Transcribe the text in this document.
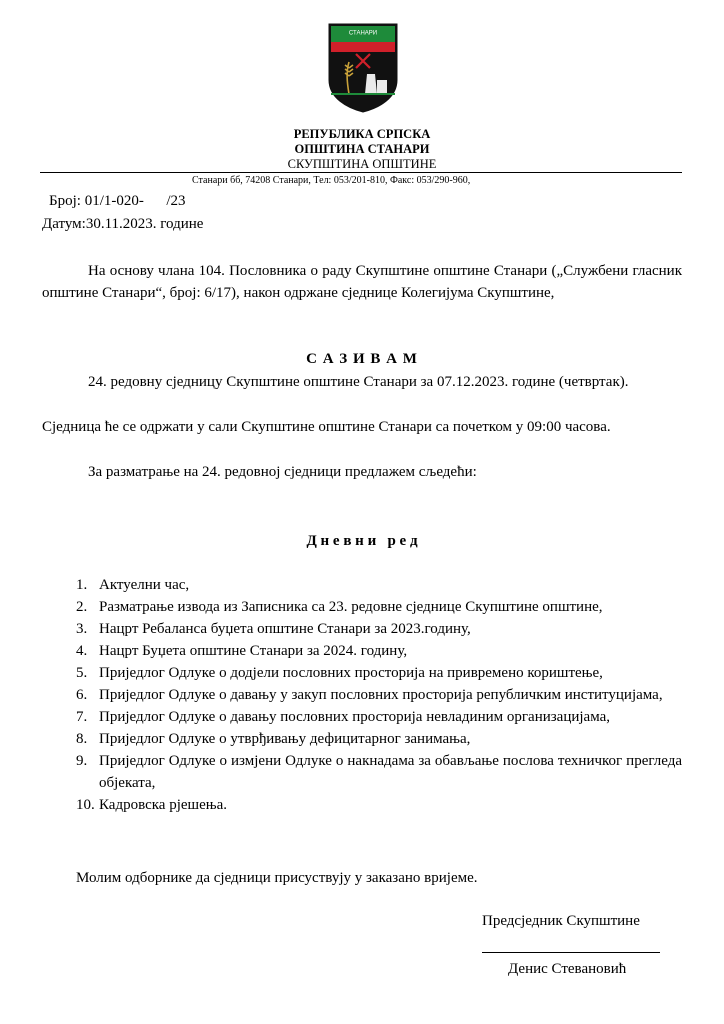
СТАНАРИ
РЕПУБЛИКА СРПСКА
ОПШТИНА СТАНАРИ
СКУПШТИНА ОПШТИНЕ
Станари бб, 74208 Станари, Тел: 053/201-810, Факс: 053/290-960,
Број: 01/1-020-      /23
Датум:30.11.2023. године
На основу члана 104. Пословника о раду Скупштине општине Станари („Службени гласник општине Станари“, број: 6/17), након одржане сједнице Колегијума Скупштине,
С А З И В А М
24. редовну сједницу Скупштине општине Станари за 07.12.2023. године (четвртак).
Сједница ће се одржати у сали Скупштине општине Станари са почетком у 09:00 часова.
За разматрање на 24. редовној сједници предлажем сљедећи:
Д н е в н и   р е д
1. Актуелни час,
2. Разматрање извода из Записника са 23. редовне сједнице Скупштине општине,
3. Нацрт Ребаланса буџета општине Станари за 2023.годину,
4. Нацрт Буџета општине Станари за 2024. годину,
5. Приједлог Одлуке о додјели пословних просторија на привремено кориштење,
6. Приједлог Одлуке о давању у закуп пословних просторија републичким институцијама,
7. Приједлог Одлуке о давању пословних просторија невладиним организацијама,
8. Приједлог Одлуке о утврђивању дефицитарног занимања,
9. Приједлог Одлуке о измјени Одлуке о накнадама за обављање послова техничког прегледа објеката,
10. Кадровска рјешења.
Молим одборнике да сједници присуствују у заказано вријеме.
Предсједник Скупштине
Денис Стевановић
